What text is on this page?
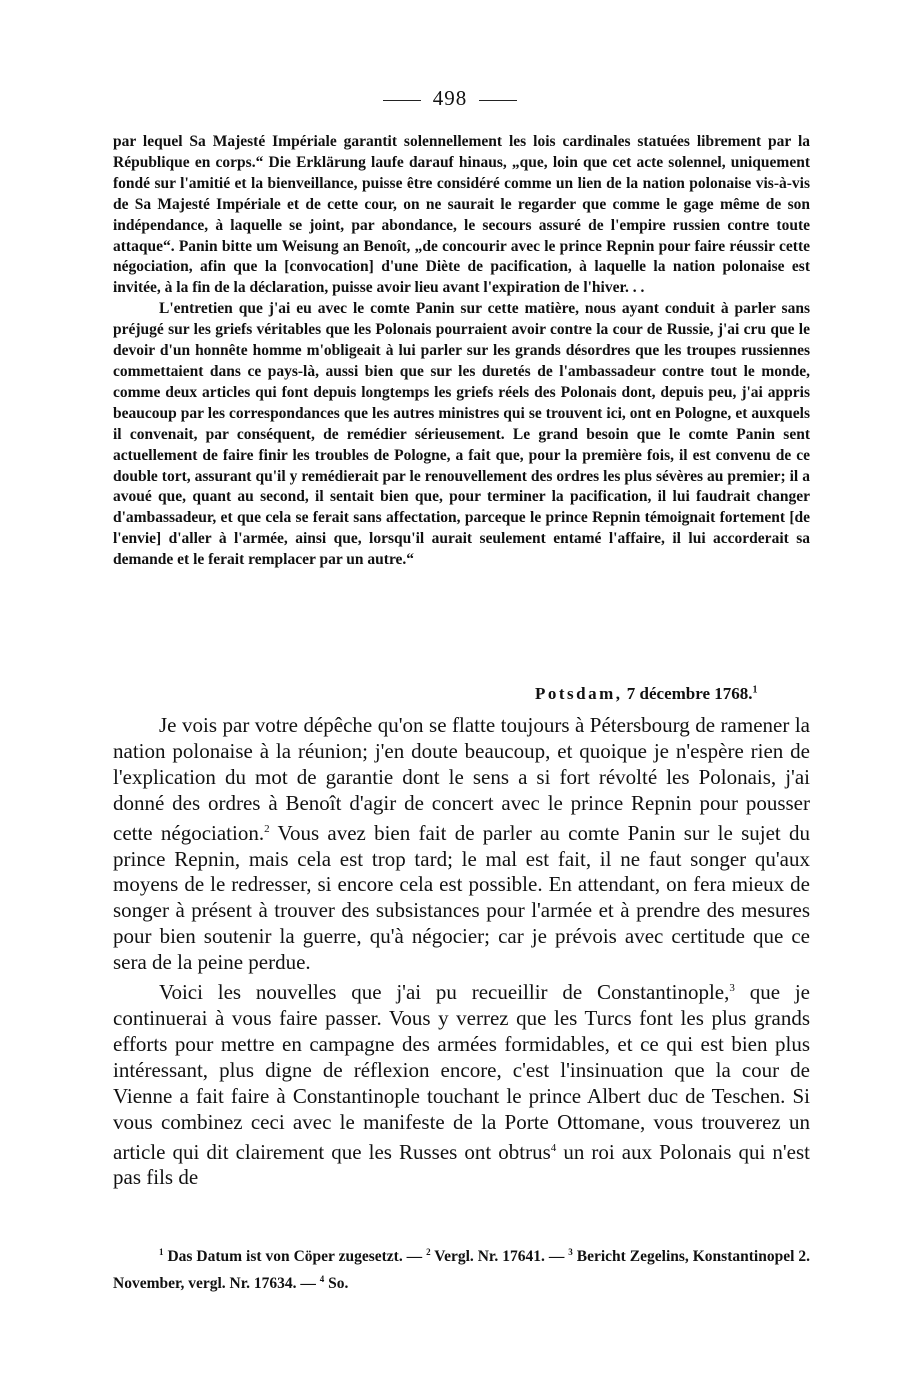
498

par lequel Sa Majesté Impériale garantit solennellement les lois cardinales statuées librement par la République en corps.“ Die Erklärung laufe darauf hinaus, „que, loin que cet acte solennel, uniquement fondé sur l'amitié et la bienveillance, puisse être considéré comme un lien de la nation polonaise vis-à-vis de Sa Majesté Impériale et de cette cour, on ne saurait le regarder que comme le gage même de son indépendance, à laquelle se joint, par abondance, le secours assuré de l'empire russien contre toute attaque“. Panin bitte um Weisung an Benoît, „de concourir avec le prince Repnin pour faire réussir cette négociation, afin que la [convocation] d'une Diète de pacification, à laquelle la nation polonaise est invitée, à la fin de la déclaration, puisse avoir lieu avant l'expiration de l'hiver. . .

L'entretien que j'ai eu avec le comte Panin sur cette matière, nous ayant conduit à parler sans préjugé sur les griefs véritables que les Polonais pourraient avoir contre la cour de Russie, j'ai cru que le devoir d'un honnête homme m'obligeait à lui parler sur les grands désordres que les troupes russiennes commettaient dans ce pays-là, aussi bien que sur les duretés de l'ambassadeur contre tout le monde, comme deux articles qui font depuis longtemps les griefs réels des Polonais dont, depuis peu, j'ai appris beaucoup par les correspondances que les autres ministres qui se trouvent ici, ont en Pologne, et auxquels il convenait, par conséquent, de remédier sérieusement. Le grand besoin que le comte Panin sent actuellement de faire finir les troubles de Pologne, a fait que, pour la première fois, il est convenu de ce double tort, assurant qu'il y remédierait par le renouvellement des ordres les plus sévères au premier; il a avoué que, quant au second, il sentait bien que, pour terminer la pacification, il lui faudrait changer d'ambassadeur, et que cela se ferait sans affectation, parceque le prince Repnin témoignait fortement [de l'envie] d'aller à l'armée, ainsi que, lorsqu'il aurait seulement entamé l'affaire, il lui accorderait sa demande et le ferait remplacer par un autre.“

Potsdam, 7 décembre 1768.$^1$

Je vois par votre dépêche qu'on se flatte toujours à Pétersbourg de ramener la nation polonaise à la réunion; j'en doute beaucoup, et quoique je n'espère rien de l'explication du mot de garantie dont le sens a si fort révolté les Polonais, j'ai donné des ordres à Benoît d'agir de concert avec le prince Repnin pour pousser cette négociation.$^2$ Vous avez bien fait de parler au comte Panin sur le sujet du prince Repnin, mais cela est trop tard; le mal est fait, il ne faut songer qu'aux moyens de le redresser, si encore cela est possible. En attendant, on fera mieux de songer à présent à trouver des subsistances pour l'armée et à prendre des mesures pour bien soutenir la guerre, qu'à négocier; car je prévois avec certitude que ce sera de la peine perdue.

Voici les nouvelles que j'ai pu recueillir de Constantinople,$^3$ que je continuerai à vous faire passer. Vous y verrez que les Turcs font les plus grands efforts pour mettre en campagne des armées formidables, et ce qui est bien plus intéressant, plus digne de réflexion encore, c'est l'insinuation que la cour de Vienne a fait faire à Constantinople touchant le prince Albert duc de Teschen. Si vous combinez ceci avec le manifeste de la Porte Ottomane, vous trouverez un article qui dit clairement que les Russes ont obtrus$^4$ un roi aux Polonais qui n'est pas fils de

$^1$ Das Datum ist von Cöper zugesetzt. — $^2$ Vergl. Nr. 17641. — $^3$ Bericht Zegelins, Konstantinopel 2. November, vergl. Nr. 17634. — $^4$ So.
